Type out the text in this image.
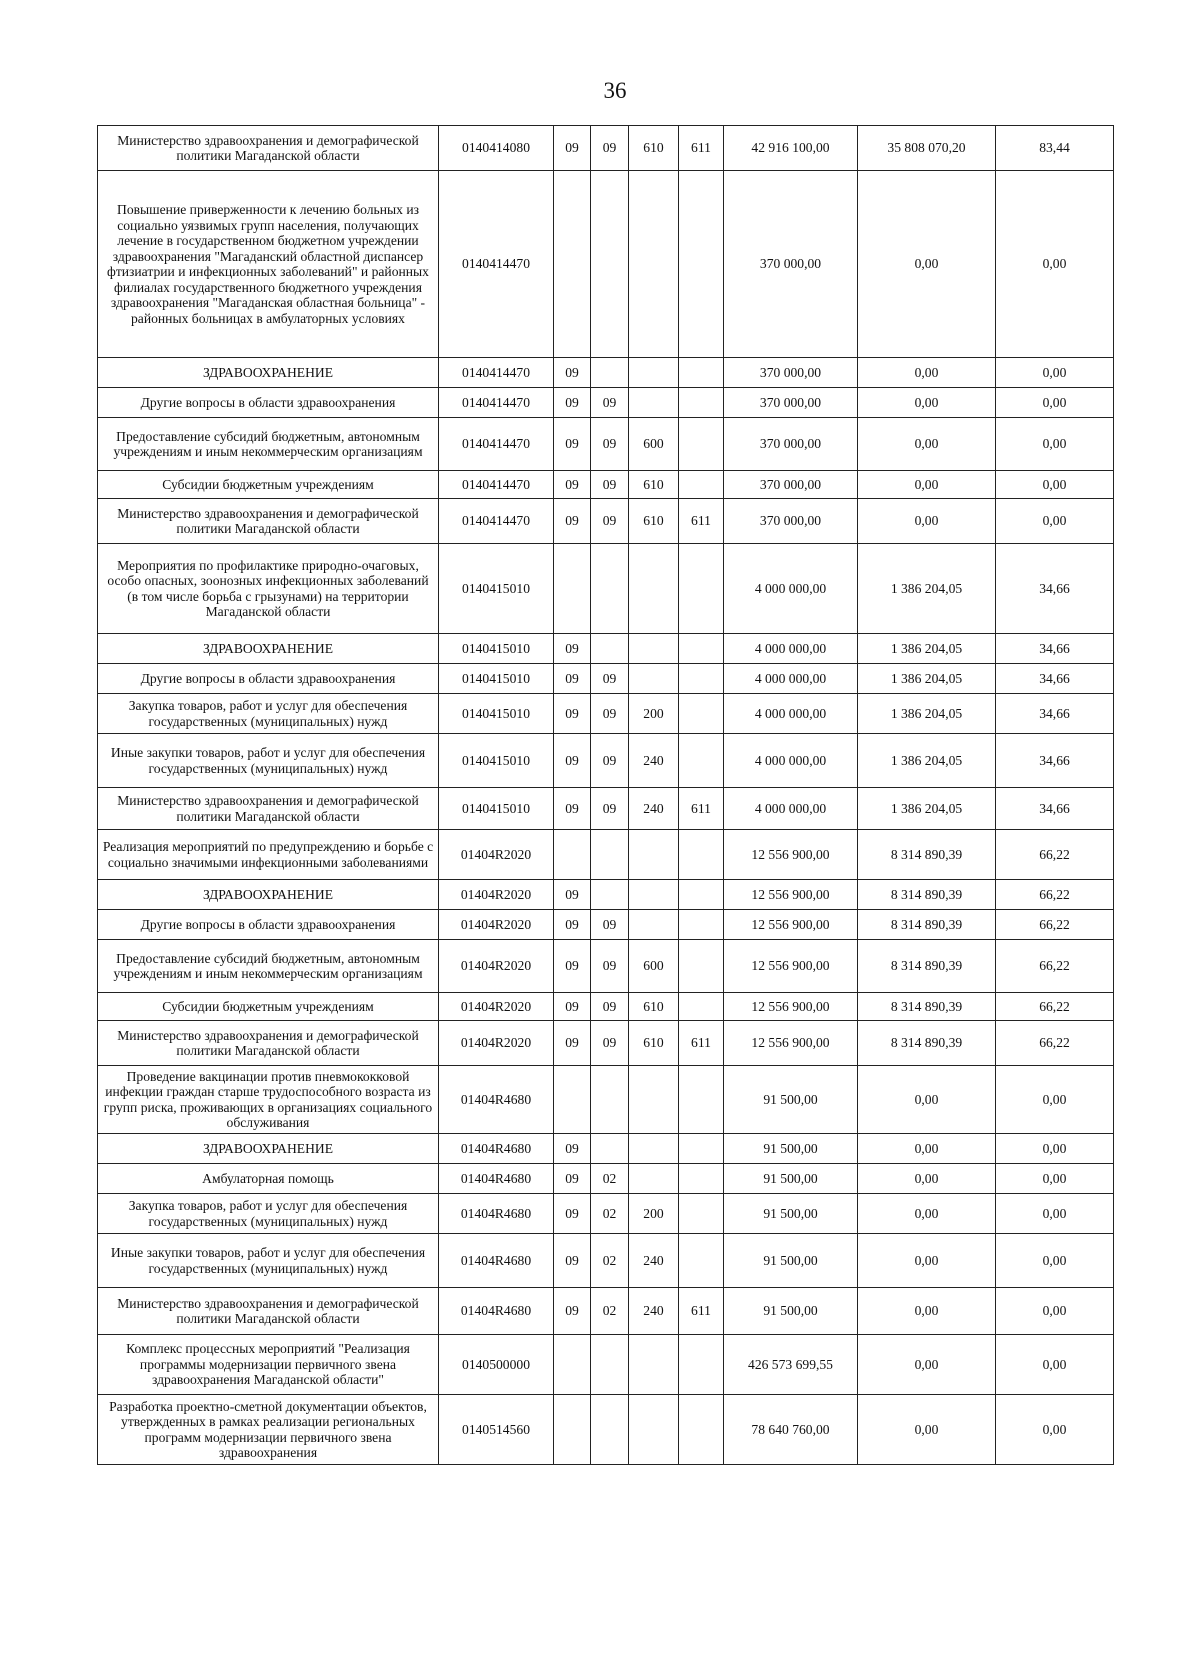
36
Министерство здравоохранения и демографической политики Магаданской области	0140414080	09	09	610	611	42 916 100,00	35 808 070,20	83,44
Повышение приверженности к лечению больных из социально уязвимых групп населения, получающих лечение в государственном бюджетном учреждении здравоохранения "Магаданский областной диспансер фтизиатрии и инфекционных заболеваний" и районных филиалах государственного бюджетного учреждения здравоохранения "Магаданская областная больница" - районных больницах в амбулаторных условиях	0140414470					370 000,00	0,00	0,00
ЗДРАВООХРАНЕНИЕ	0140414470	09				370 000,00	0,00	0,00
Другие вопросы в области здравоохранения	0140414470	09	09			370 000,00	0,00	0,00
Предоставление субсидий бюджетным, автономным учреждениям и иным некоммерческим организациям	0140414470	09	09	600		370 000,00	0,00	0,00
Субсидии бюджетным учреждениям	0140414470	09	09	610		370 000,00	0,00	0,00
Министерство здравоохранения и демографической политики Магаданской области	0140414470	09	09	610	611	370 000,00	0,00	0,00
Мероприятия по профилактике природно-очаговых, особо опасных, зоонозных инфекционных заболеваний (в том числе борьба с грызунами) на территории Магаданской области	0140415010					4 000 000,00	1 386 204,05	34,66
ЗДРАВООХРАНЕНИЕ	0140415010	09				4 000 000,00	1 386 204,05	34,66
Другие вопросы в области здравоохранения	0140415010	09	09			4 000 000,00	1 386 204,05	34,66
Закупка товаров, работ и услуг для обеспечения государственных (муниципальных) нужд	0140415010	09	09	200		4 000 000,00	1 386 204,05	34,66
Иные закупки товаров, работ и услуг для обеспечения государственных (муниципальных) нужд	0140415010	09	09	240		4 000 000,00	1 386 204,05	34,66
Министерство здравоохранения и демографической политики Магаданской области	0140415010	09	09	240	611	4 000 000,00	1 386 204,05	34,66
Реализация мероприятий по предупреждению и борьбе с социально значимыми инфекционными заболеваниями	01404R2020					12 556 900,00	8 314 890,39	66,22
ЗДРАВООХРАНЕНИЕ	01404R2020	09				12 556 900,00	8 314 890,39	66,22
Другие вопросы в области здравоохранения	01404R2020	09	09			12 556 900,00	8 314 890,39	66,22
Предоставление субсидий бюджетным, автономным учреждениям и иным некоммерческим организациям	01404R2020	09	09	600		12 556 900,00	8 314 890,39	66,22
Субсидии бюджетным учреждениям	01404R2020	09	09	610		12 556 900,00	8 314 890,39	66,22
Министерство здравоохранения и демографической политики Магаданской области	01404R2020	09	09	610	611	12 556 900,00	8 314 890,39	66,22
Проведение вакцинации против пневмококковой инфекции граждан старше трудоспособного возраста из групп риска, проживающих в организациях социального обслуживания	01404R4680					91 500,00	0,00	0,00
ЗДРАВООХРАНЕНИЕ	01404R4680	09				91 500,00	0,00	0,00
Амбулаторная помощь	01404R4680	09	02			91 500,00	0,00	0,00
Закупка товаров, работ и услуг для обеспечения государственных (муниципальных) нужд	01404R4680	09	02	200		91 500,00	0,00	0,00
Иные закупки товаров, работ и услуг для обеспечения государственных (муниципальных) нужд	01404R4680	09	02	240		91 500,00	0,00	0,00
Министерство здравоохранения и демографической политики Магаданской области	01404R4680	09	02	240	611	91 500,00	0,00	0,00
Комплекс процессных мероприятий "Реализация программы модернизации первичного звена здравоохранения Магаданской области"	0140500000					426 573 699,55	0,00	0,00
Разработка проектно-сметной документации объектов, утвержденных в рамках реализации региональных программ модернизации первичного звена здравоохранения	0140514560					78 640 760,00	0,00	0,00
